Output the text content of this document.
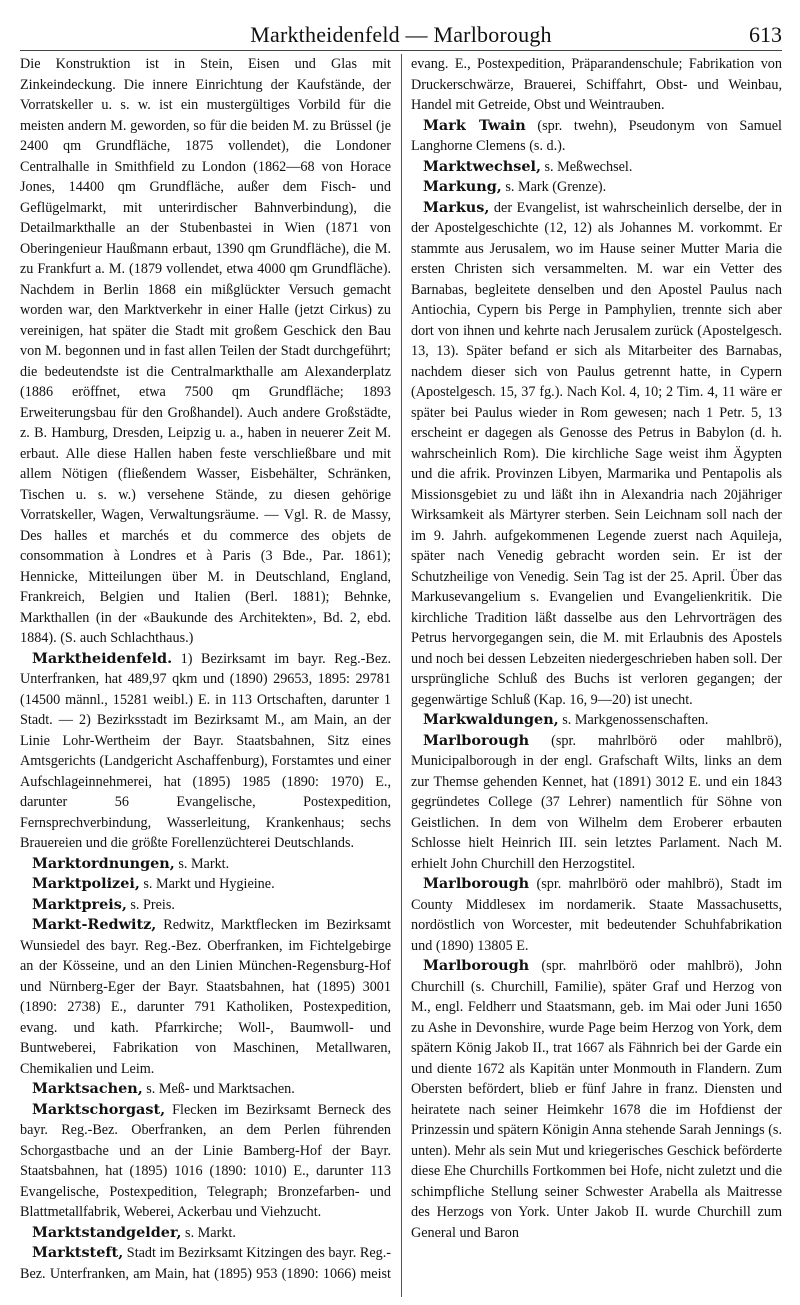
Marktheidenfeld — Marlborough	613

Die Konstruktion ist in Stein, Eisen und Glas mit Zinkeindeckung. Die innere Einrichtung der Kaufstände, der Vorratskeller u. s. w. ist ein mustergültiges Vorbild für die meisten andern M. geworden, so für die beiden M. zu Brüssel (je 2400 qm Grundfläche, 1875 vollendet), die Londoner Centralhalle in Smithfield zu London (1862—68 von Horace Jones, 14400 qm Grundfläche, außer dem Fisch- und Geflügelmarkt, mit unterirdischer Bahnverbindung), die Detailmarkthalle an der Stubenbastei in Wien (1871 von Oberingenieur Haußmann erbaut, 1390 qm Grundfläche), die M. zu Frankfurt a. M. (1879 vollendet, etwa 4000 qm Grundfläche). Nachdem in Berlin 1868 ein mißglückter Versuch gemacht worden war, den Marktverkehr in einer Halle (jetzt Cirkus) zu vereinigen, hat später die Stadt mit großem Geschick den Bau von M. begonnen und in fast allen Teilen der Stadt durchgeführt; die bedeutendste ist die Centralmarkthalle am Alexanderplatz (1886 eröffnet, etwa 7500 qm Grundfläche; 1893 Erweiterungsbau für den Großhandel). Auch andere Großstädte, z. B. Hamburg, Dresden, Leipzig u. a., haben in neuerer Zeit M. erbaut. Alle diese Hallen haben feste verschließbare und mit allem Nötigen (fließendem Wasser, Eisbehälter, Schränken, Tischen u. s. w.) versehene Stände, zu diesen gehörige Vorratskeller, Wagen, Verwaltungsräume. — Vgl. R. de Massy, Des halles et marchés et du commerce des objets de consommation à Londres et à Paris (3 Bde., Par. 1861); Hennicke, Mitteilungen über M. in Deutschland, England, Frankreich, Belgien und Italien (Berl. 1881); Behnke, Markthallen (in der «Baukunde des Architekten», Bd. 2, ebd. 1884). (S. auch Schlachthaus.)

Marktheidenfeld. 1) Bezirksamt im bayr. Reg.-Bez. Unterfranken, hat 489,97 qkm und (1890) 29653, 1895: 29781 (14500 männl., 15281 weibl.) E. in 113 Ortschaften, darunter 1 Stadt. — 2) Bezirksstadt im Bezirksamt M., am Main, an der Linie Lohr-Wertheim der Bayr. Staatsbahnen, Sitz eines Amtsgerichts (Landgericht Aschaffenburg), Forstamtes und einer Aufschlageinnehmerei, hat (1895) 1985 (1890: 1970) E., darunter 56 Evangelische, Postexpedition, Fernsprechverbindung, Wasserleitung, Krankenhaus; sechs Brauereien und die größte Forellenzüchterei Deutschlands.

Marktordnungen, s. Markt.

Marktpolizei, s. Markt und Hygieine.

Marktpreis, s. Preis.

Markt-Redwitz, Redwitz, Marktflecken im Bezirksamt Wunsiedel des bayr. Reg.-Bez. Oberfranken, im Fichtelgebirge an der Kösseine, und an den Linien München-Regensburg-Hof und Nürnberg-Eger der Bayr. Staatsbahnen, hat (1895) 3001 (1890: 2738) E., darunter 791 Katholiken, Postexpedition, evang. und kath. Pfarrkirche; Woll-, Baumwoll- und Buntweberei, Fabrikation von Maschinen, Metallwaren, Chemikalien und Leim.

Marktsachen, s. Meß- und Marktsachen.

Marktschorgast, Flecken im Bezirksamt Berneck des bayr. Reg.-Bez. Oberfranken, an dem Perlen führenden Schorgastbache und an der Linie Bamberg-Hof der Bayr. Staatsbahnen, hat (1895) 1016 (1890: 1010) E., darunter 113 Evangelische, Postexpedition, Telegraph; Bronzefarben- und Blattmetallfabrik, Weberei, Ackerbau und Viehzucht.

Marktstandgelder, s. Markt.

Marktsteft, Stadt im Bezirksamt Kitzingen des bayr. Reg.-Bez. Unterfranken, am Main, hat (1895) 953 (1890: 1066) meist evang. E., Postexpedition, Präparandenschule; Fabrikation von Druckerschwärze, Brauerei, Schiffahrt, Obst- und Weinbau, Handel mit Getreide, Obst und Weintrauben.

Mark Twain (spr. twehn), Pseudonym von Samuel Langhorne Clemens (s. d.).

Marktwechsel, s. Meßwechsel.

Markung, s. Mark (Grenze).

Markus, der Evangelist, ist wahrscheinlich derselbe, der in der Apostelgeschichte (12, 12) als Johannes M. vorkommt. Er stammte aus Jerusalem, wo im Hause seiner Mutter Maria die ersten Christen sich versammelten. M. war ein Vetter des Barnabas, begleitete denselben und den Apostel Paulus nach Antiochia, Cypern bis Perge in Pamphylien, trennte sich aber dort von ihnen und kehrte nach Jerusalem zurück (Apostelgesch. 13, 13). Später befand er sich als Mitarbeiter des Barnabas, nachdem dieser sich von Paulus getrennt hatte, in Cypern (Apostelgesch. 15, 37 fg.). Nach Kol. 4, 10; 2 Tim. 4, 11 wäre er später bei Paulus wieder in Rom gewesen; nach 1 Petr. 5, 13 erscheint er dagegen als Genosse des Petrus in Babylon (d. h. wahrscheinlich Rom). Die kirchliche Sage weist ihm Ägypten und die afrik. Provinzen Libyen, Marmarika und Pentapolis als Missionsgebiet zu und läßt ihn in Alexandria nach 20jähriger Wirksamkeit als Märtyrer sterben. Sein Leichnam soll nach der im 9. Jahrh. aufgekommenen Legende zuerst nach Aquileja, später nach Venedig gebracht worden sein. Er ist der Schutzheilige von Venedig. Sein Tag ist der 25. April. Über das Markusevangelium s. Evangelien und Evangelienkritik. Die kirchliche Tradition läßt dasselbe aus den Lehrvorträgen des Petrus hervorgegangen sein, die M. mit Erlaubnis des Apostels und noch bei dessen Lebzeiten niedergeschrieben haben soll. Der ursprüngliche Schluß des Buchs ist verloren gegangen; der gegenwärtige Schluß (Kap. 16, 9—20) ist unecht.

Markwaldungen, s. Markgenossenschaften.

Marlborough (spr. mahrlbörö oder mahlbrö), Municipalborough in der engl. Grafschaft Wilts, links an dem zur Themse gehenden Kennet, hat (1891) 3012 E. und ein 1843 gegründetes College (37 Lehrer) namentlich für Söhne von Geistlichen. In dem von Wilhelm dem Eroberer erbauten Schlosse hielt Heinrich III. sein letztes Parlament. Nach M. erhielt John Churchill den Herzogstitel.

Marlborough (spr. mahrlbörö oder mahlbrö), Stadt im County Middlesex im nordamerik. Staate Massachusetts, nordöstlich von Worcester, mit bedeutender Schuhfabrikation und (1890) 13805 E.

Marlborough (spr. mahrlbörö oder mahlbrö), John Churchill (s. Churchill, Familie), später Graf und Herzog von M., engl. Feldherr und Staatsmann, geb. im Mai oder Juni 1650 zu Ashe in Devonshire, wurde Page beim Herzog von York, dem spätern König Jakob II., trat 1667 als Fähnrich bei der Garde ein und diente 1672 als Kapitän unter Monmouth in Flandern. Zum Obersten befördert, blieb er fünf Jahre in franz. Diensten und heiratete nach seiner Heimkehr 1678 die im Hofdienst der Prinzessin und spätern Königin Anna stehende Sarah Jennings (s. unten). Mehr als sein Mut und kriegerisches Geschick beförderte diese Ehe Churchills Fortkommen bei Hofe, nicht zuletzt und die schimpfliche Stellung seiner Schwester Arabella als Maitresse des Herzogs von York. Unter Jakob II. wurde Churchill zum General und Baron
